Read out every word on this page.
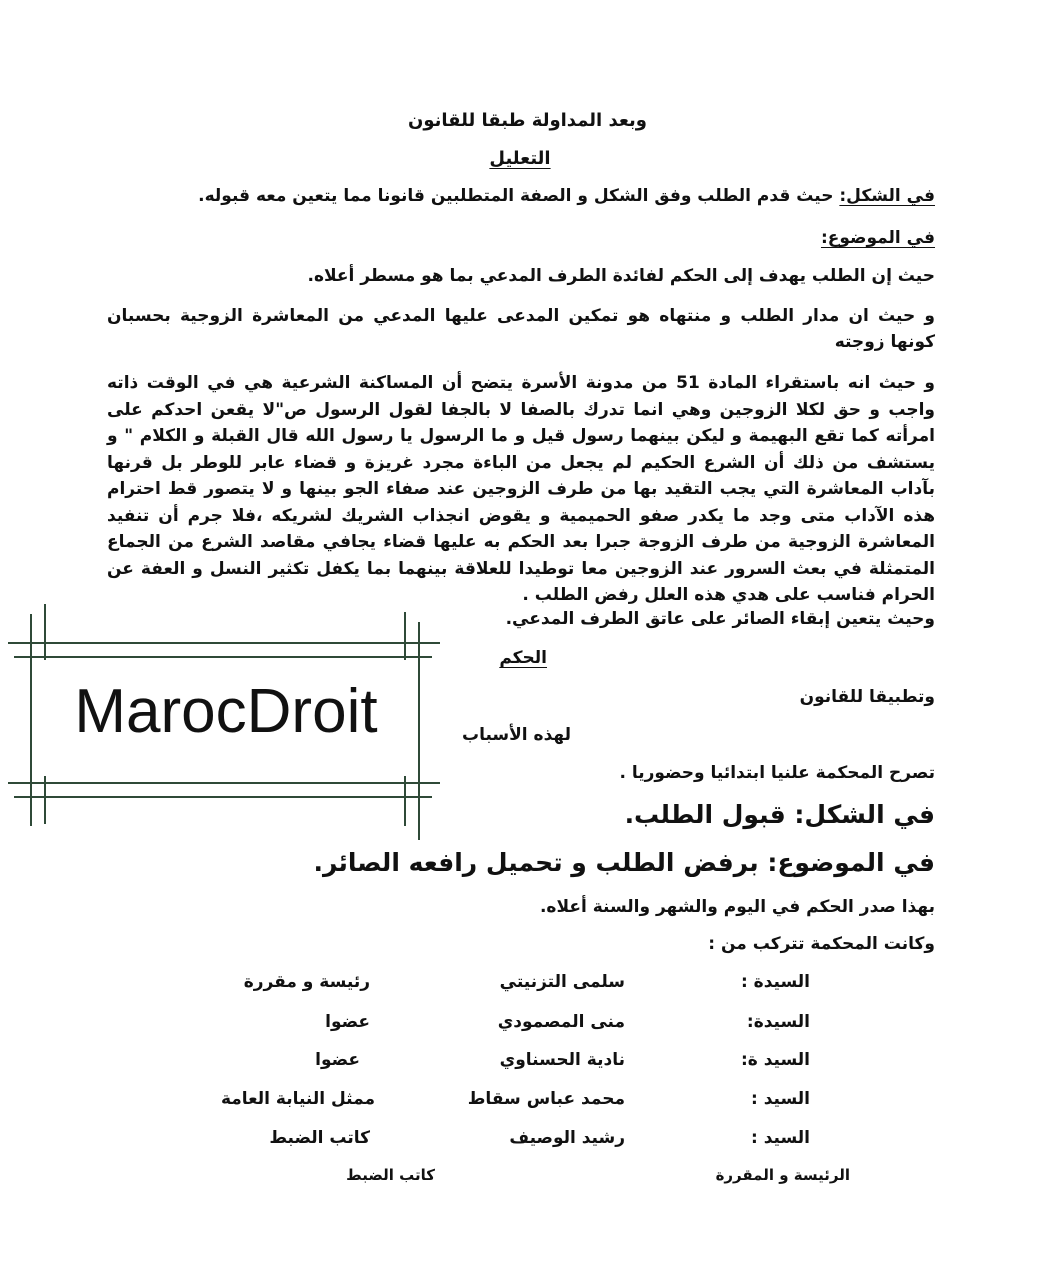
وبعد المداولة طبقا للقانون
التعليل
في الشكل: حيث قدم الطلب وفق الشكل و الصفة المتطلبين قانونا مما يتعين معه قبوله.
في الموضوع:
حيث إن الطلب يهدف إلى الحكم لفائدة الطرف المدعي بما هو مسطر أعلاه.
و حيث ان مدار الطلب و منتهاه هو تمكين المدعى عليها المدعي من المعاشرة الزوجية بحسبان كونها زوجته
و حيث انه باستقراء المادة 51 من مدونة الأسرة يتضح أن المساكنة الشرعية هي في الوقت ذاته واجب و حق لكلا الزوجين وهي انما تدرك بالصفا لا بالجفا لقول الرسول ص"لا يقعن احدكم على امرأته كما تقع البهيمة و ليكن بينهما رسول قيل و ما الرسول يا رسول الله قال القبلة و الكلام " و يستشف من ذلك أن الشرع الحكيم لم يجعل من الباءة مجرد غريزة و قضاء عابر للوطر بل قرنها بآداب المعاشرة التي يجب التقيد بها من طرف الزوجين عند صفاء الجو بينها و لا يتصور قط احترام هذه الآداب متى وجد ما يكدر صفو الحميمية و يقوض انجذاب الشريك لشريكه ،فلا جرم أن تنفيد المعاشرة الزوجية من طرف الزوجة جبرا بعد الحكم به عليها قضاء يجافي مقاصد الشرع من الجماع المتمثلة في بعث السرور عند الزوجين معا توطيدا للعلاقة بينهما بما يكفل تكثير النسل و العفة عن الحرام فناسب على هدي هذه العلل رفض الطلب .
وحيث يتعين إبقاء الصائر على عاتق الطرف المدعي.
الحكم
وتطبيقا للقانون
لهذه الأسباب
تصرح المحكمة علنيا ابتدائيا وحضوريا .
في الشكل: قبول الطلب.
في الموضوع: برفض الطلب و تحميل رافعه الصائر.
بهذا صدر الحكم في اليوم والشهر والسنة أعلاه.
وكانت المحكمة تتركب من :
السيدة :
سلمى التزنيتي
رئيسة و مقررة
السيدة:
منى المصمودي
عضوا
السيد ة:
نادية الحسناوي
عضوا
السيد :
محمد عباس سقاط
ممثل النيابة العامة
السيد :
رشيد الوصيف
كاتب الضبط
الرئيسة و المقررة
كاتب الضبط
MarocDroit
